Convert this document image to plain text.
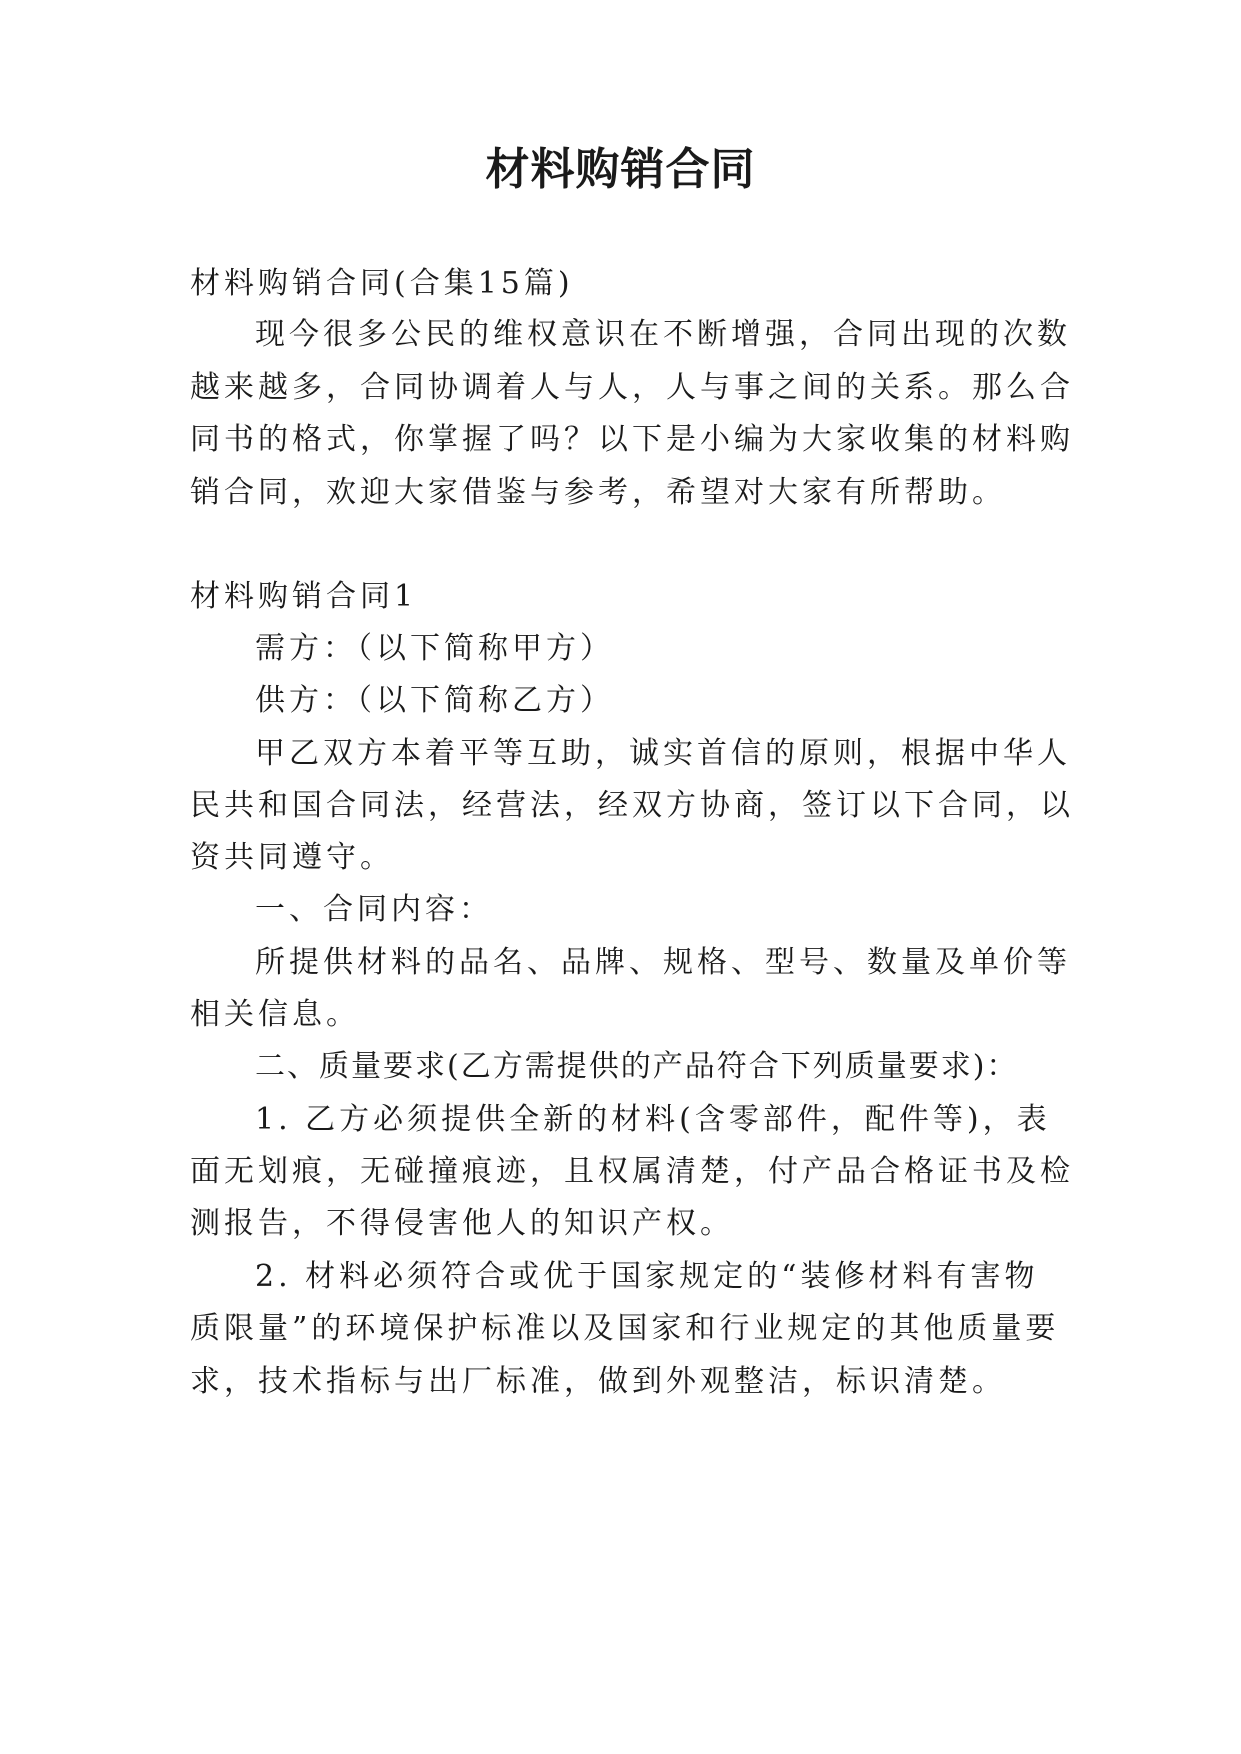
材料购销合同
材料购销合同(合集15篇)
现今很多公民的维权意识在不断增强，合同出现的次数
越来越多，合同协调着人与人，人与事之间的关系。那么合
同书的格式，你掌握了吗？以下是小编为大家收集的材料购
销合同，欢迎大家借鉴与参考，希望对大家有所帮助。
材料购销合同1
需方：（以下简称甲方）
供方：（以下简称乙方）
甲乙双方本着平等互助，诚实首信的原则，根据中华人
民共和国合同法，经营法，经双方协商，签订以下合同，以
资共同遵守。
一、合同内容：
所提供材料的品名、品牌、规格、型号、数量及单价等
相关信息。
二、质量要求(乙方需提供的产品符合下列质量要求)：
1. 乙方必须提供全新的材料(含零部件，配件等)，表
面无划痕，无碰撞痕迹，且权属清楚，付产品合格证书及检
测报告，不得侵害他人的知识产权。
2. 材料必须符合或优于国家规定的“装修材料有害物
质限量”的环境保护标准以及国家和行业规定的其他质量要
求，技术指标与出厂标准，做到外观整洁，标识清楚。
